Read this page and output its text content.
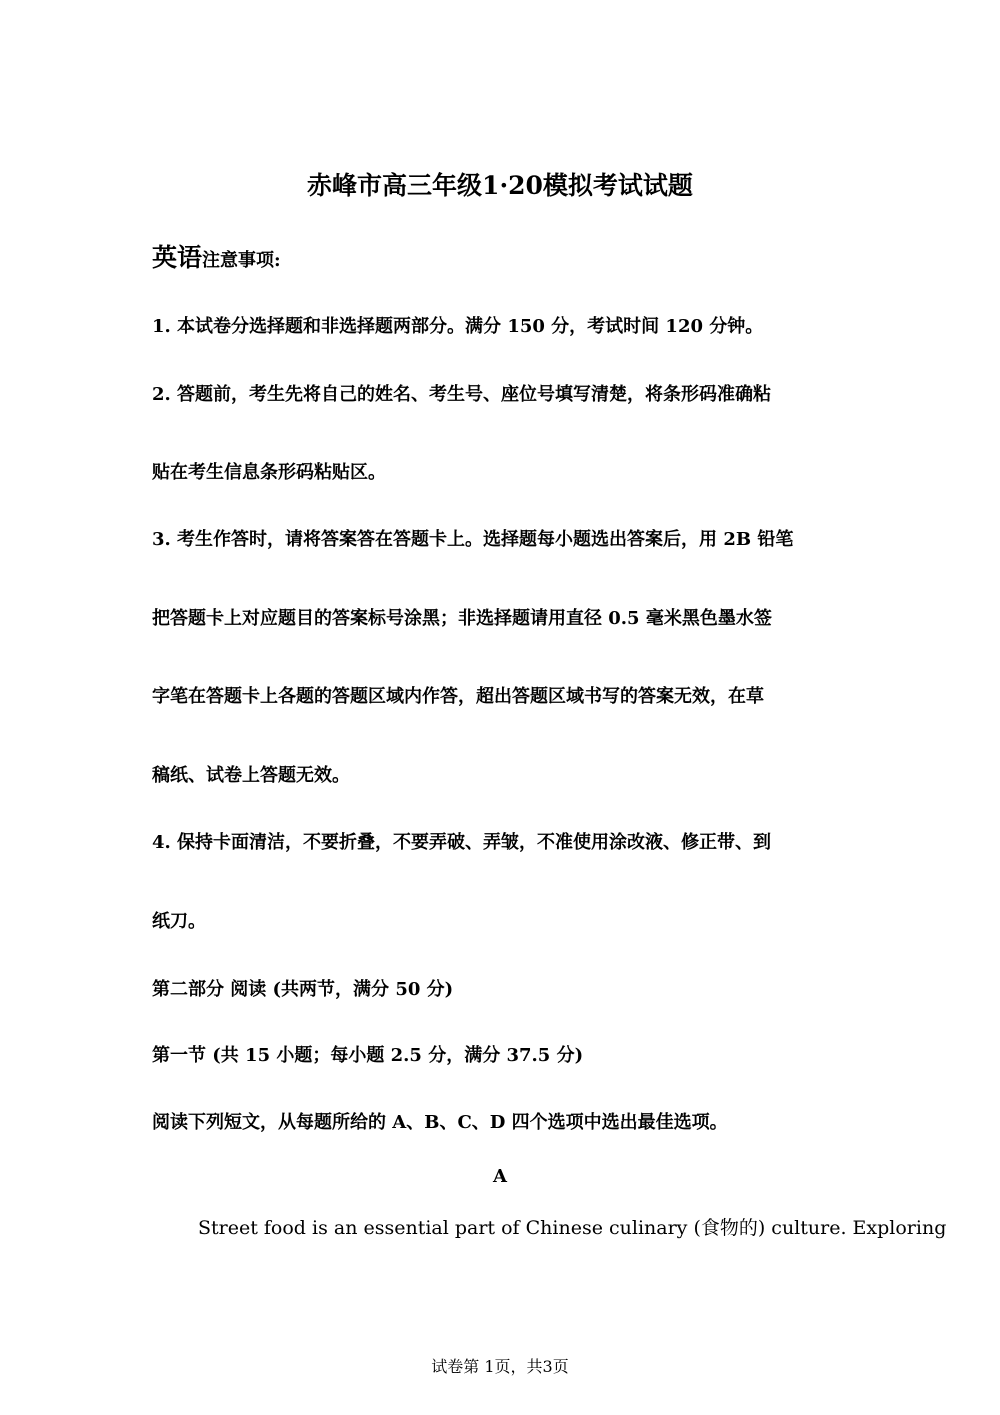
赤峰市高三年级1·20模拟考试试题
英语注意事项:
1. 本试卷分选择题和非选择题两部分。满分 150 分，考试时间 120 分钟。
2. 答题前，考生先将自己的姓名、考生号、座位号填写清楚，将条形码准确粘
贴在考生信息条形码粘贴区。
3. 考生作答时，请将答案答在答题卡上。选择题每小题选出答案后，用 2B 铅笔
把答题卡上对应题目的答案标号涂黑；非选择题请用直径 0.5 毫米黑色墨水签
字笔在答题卡上各题的答题区域内作答，超出答题区域书写的答案无效，在草
稿纸、试卷上答题无效。
4. 保持卡面清洁，不要折叠，不要弄破、弄皱，不准使用涂改液、修正带、到
纸刀。
第二部分 阅读 (共两节，满分 50 分)
第一节 (共 15 小题；每小题 2.5 分，满分 37.5 分)
阅读下列短文，从每题所给的 A、B、C、D 四个选项中选出最佳选项。
A
Street food is an essential part of Chinese culinary (食物的) culture. Exploring
试卷第 1页，共3页
